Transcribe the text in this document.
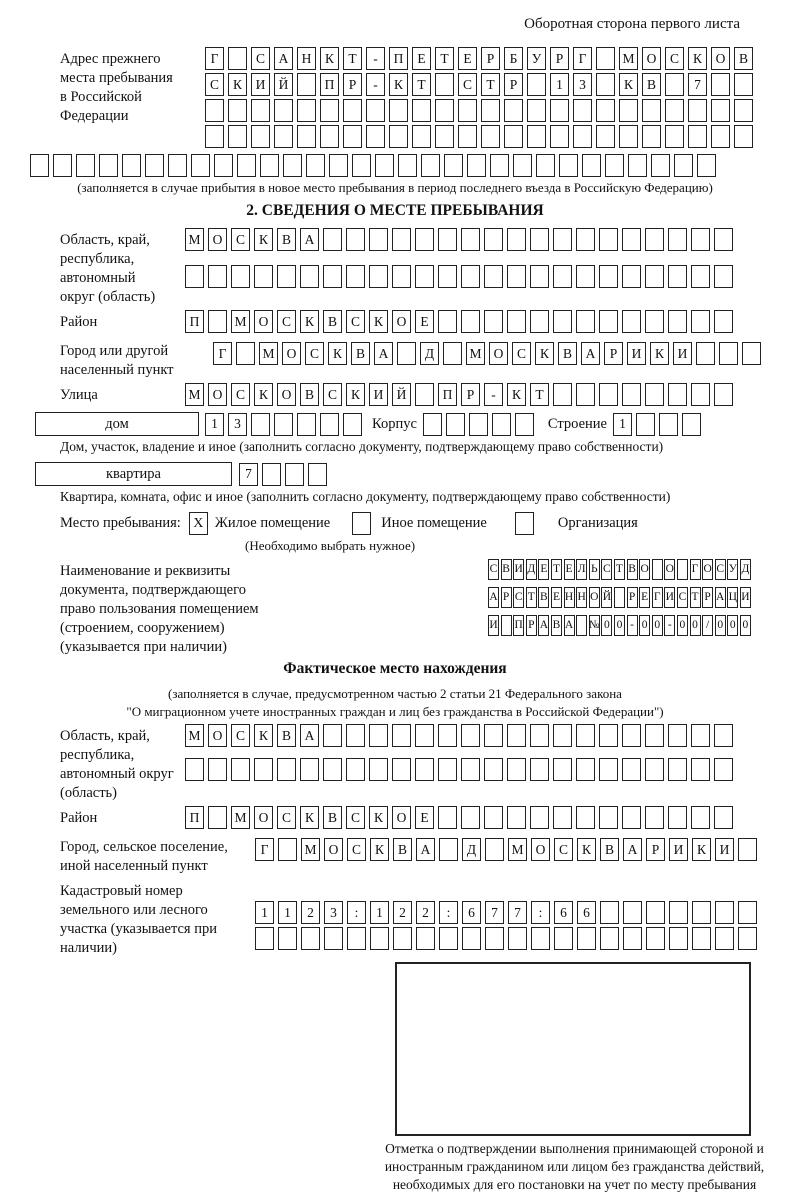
Оборотная сторона первого листа
Адрес прежнего места пребывания в Российской Федерации
Г	С	А Н	К	Т	-	П	Е	Т	Е	Р	Б	У	Р	Г	М О	С	К	О	В
С	К	И Й	П	Р	-	К	Т	С	Т	Р	1	3	К	В	7
(заполняется в случае прибытия в новое место пребывания в период последнего въезда в Российскую Федерацию)
2. СВЕДЕНИЯ О МЕСТЕ ПРЕБЫВАНИЯ
Область, край, республика, автономный округ (область)
М О	С	К	В	А
Район	П	М О	С	К	В	С	К	О	Е
Город или другой населенный пункт
Г	М О	С	К	В	А	Д	М О	С	К	В	А	Р	И	К	И
Улица	М О	С	К	О	В	С	К	И Й	П	Р	-	К	Т
дом	1	3	Корпус	Строение 1
Дом, участок, владение и иное (заполнить согласно документу, подтверждающему право собственности)
квартира	7
Квартира, комната, офис и иное (заполнить согласно документу, подтверждающему право собственности)
Место пребывания: X Жилое помещение	Иное помещение	Организация
(Необходимо выбрать нужное)
Наименование и реквизиты документа, подтверждающего право пользования помещением (строением, сооружением) (указывается при наличии)
С В И Д Е Т Е Л Ь С Т В О О Г О С У Д
А Р С Т В Е Н Н О Й Р Е Г И С Т Р А Ц И
И П Р А В А № 0 0 - 0 0 - 0 0 / 0 0 0
Фактическое место нахождения
(заполняется в случае, предусмотренном частью 2 статьи 21 Федерального закона
"О миграционном учете иностранных граждан и лиц без гражданства в Российской Федерации")
Область, край, республика, автономный округ (область)
М О	С	К	В	А
Район	П	М О	С	К	В	С	К	О	Е
Город, сельское поселение, иной населенный пункт
Г	М О	С	К	В	А	Д	М О	С	К	В	А	Р	И	К	И
Кадастровый номер земельного или лесного участка (указывается при наличии)
1	1	2	3	:	1	2	2	:	6	7	7	:	6	6
Отметка о подтверждении выполнения принимающей стороной и иностранным гражданином или лицом без гражданства действий, необходимых для его постановки на учет по месту пребывания
